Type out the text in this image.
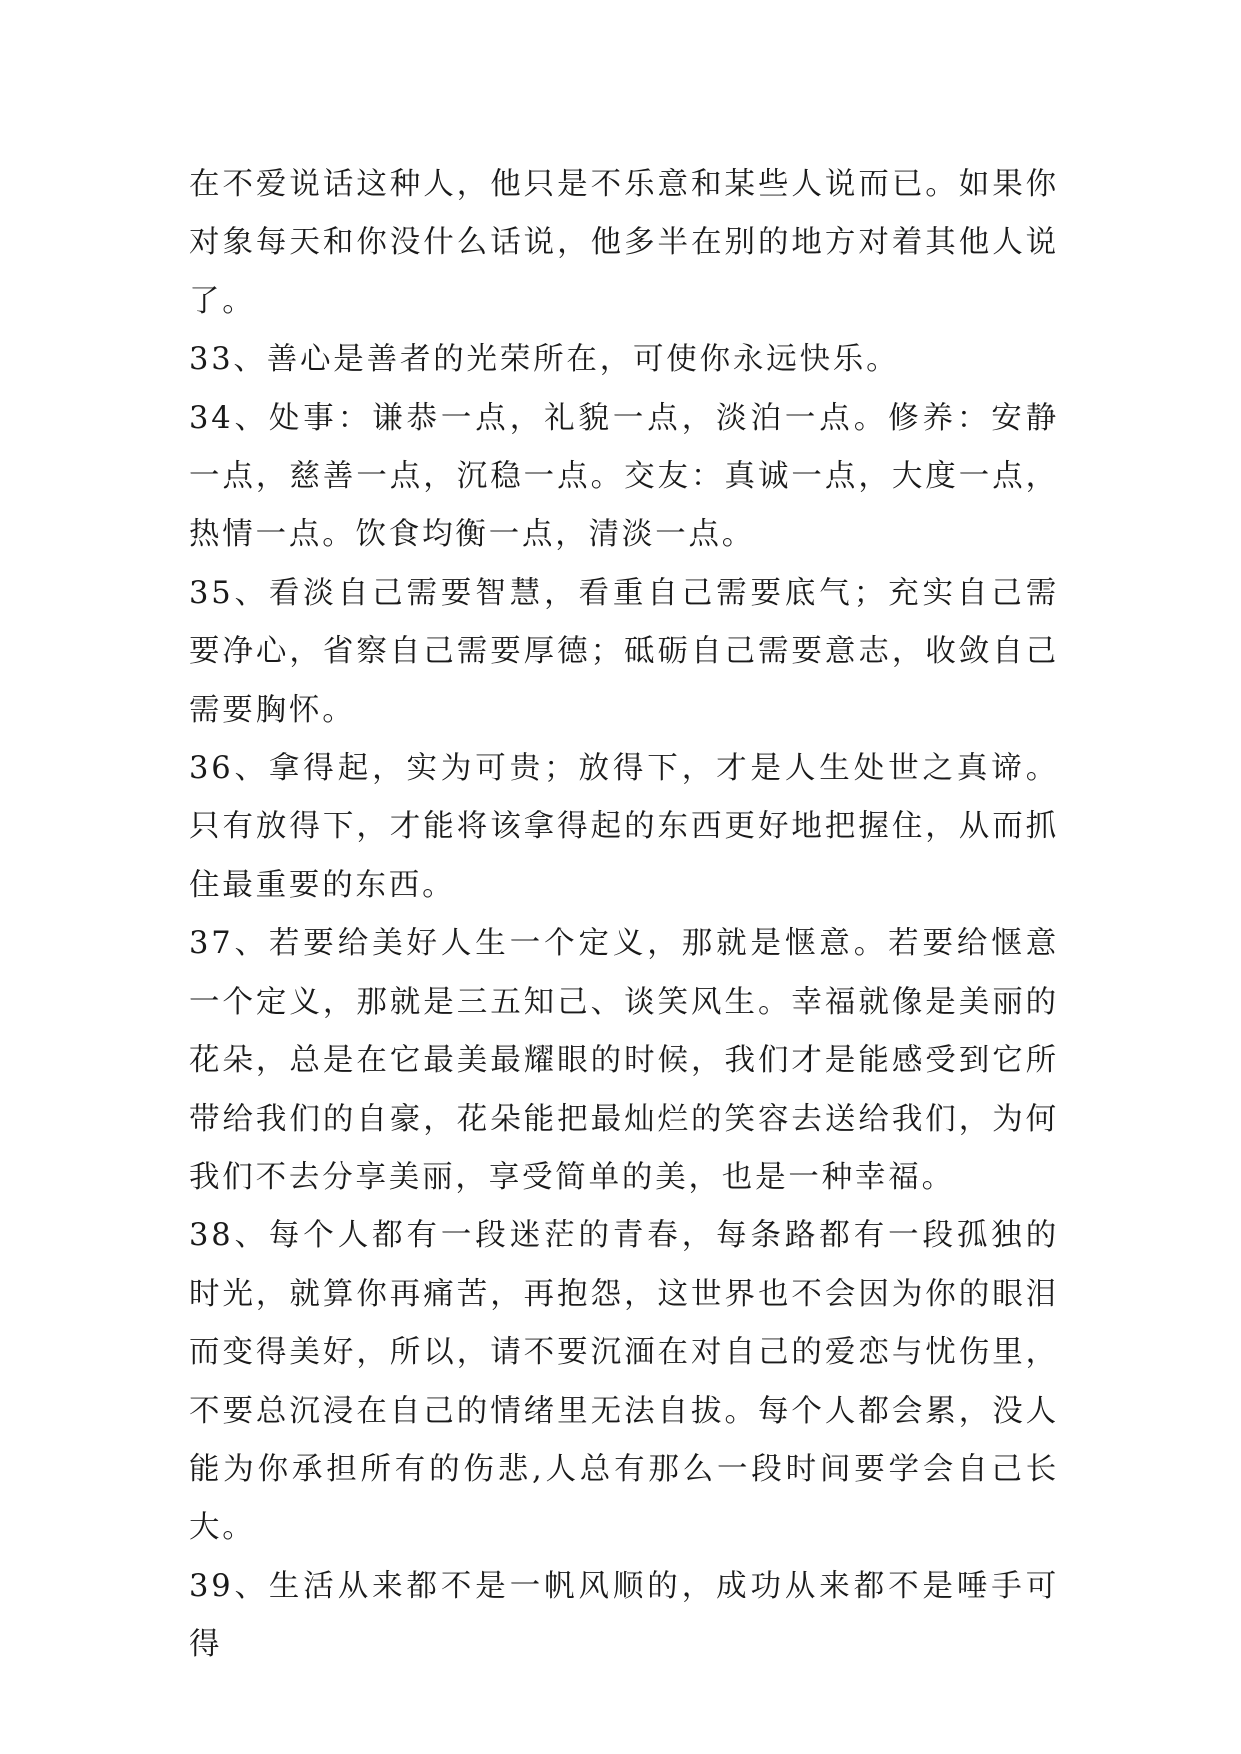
在不爱说话这种人，他只是不乐意和某些人说而已。如果你对象每天和你没什么话说，他多半在别的地方对着其他人说了。

33、善心是善者的光荣所在，可使你永远快乐。

34、处事：谦恭一点，礼貌一点，淡泊一点。修养：安静一点，慈善一点，沉稳一点。交友：真诚一点，大度一点，热情一点。饮食均衡一点，清淡一点。

35、看淡自己需要智慧，看重自己需要底气；充实自己需要净心，省察自己需要厚德；砥砺自己需要意志，收敛自己需要胸怀。

36、拿得起，实为可贵；放得下，才是人生处世之真谛。只有放得下，才能将该拿得起的东西更好地把握住，从而抓住最重要的东西。

37、若要给美好人生一个定义，那就是惬意。若要给惬意一个定义，那就是三五知己、谈笑风生。幸福就像是美丽的花朵，总是在它最美最耀眼的时候，我们才是能感受到它所带给我们的自豪，花朵能把最灿烂的笑容去送给我们，为何我们不去分享美丽，享受简单的美，也是一种幸福。

38、每个人都有一段迷茫的青春，每条路都有一段孤独的时光，就算你再痛苦，再抱怨，这世界也不会因为你的眼泪而变得美好，所以，请不要沉湎在对自己的爱恋与忧伤里，不要总沉浸在自己的情绪里无法自拔。每个人都会累，没人能为你承担所有的伤悲,人总有那么一段时间要学会自己长大。

39、生活从来都不是一帆风顺的，成功从来都不是唾手可得
